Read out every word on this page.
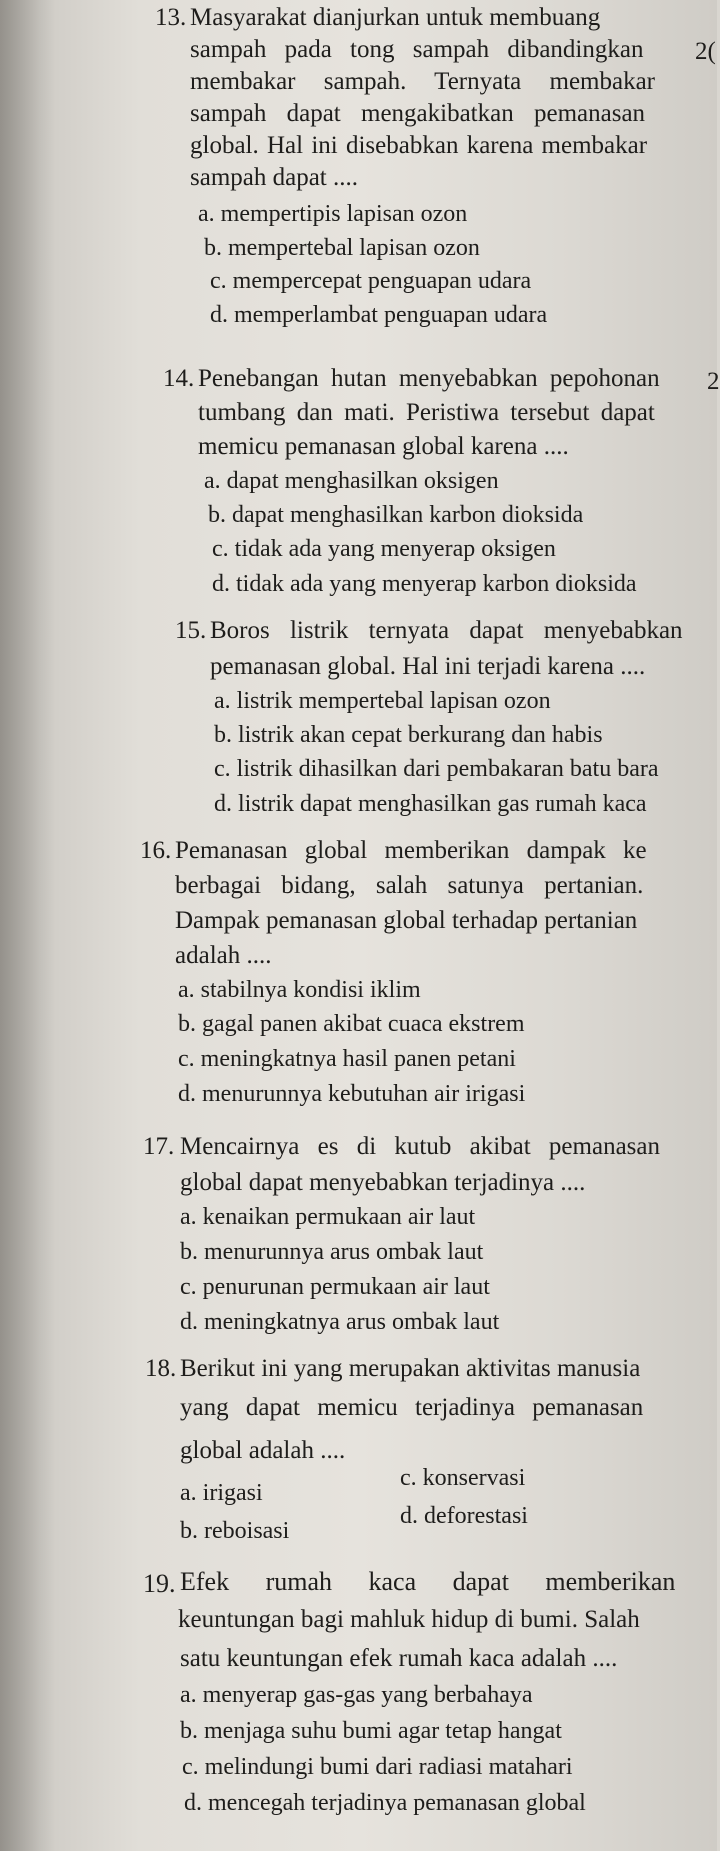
13. Masyarakat dianjurkan untuk membuang
sampah pada tong sampah dibandingkan
membakar sampah. Ternyata membakar
sampah dapat mengakibatkan pemanasan
global. Hal ini disebabkan karena membakar
sampah dapat ....
a. mempertipis lapisan ozon
b. mempertebal lapisan ozon
c. mempercepat penguapan udara
d. memperlambat penguapan udara
2(
14. Penebangan hutan menyebabkan pepohonan
tumbang dan mati. Peristiwa tersebut dapat
memicu pemanasan global karena ....
a. dapat menghasilkan oksigen
b. dapat menghasilkan karbon dioksida
c. tidak ada yang menyerap oksigen
d. tidak ada yang menyerap karbon dioksida
2
15. Boros listrik ternyata dapat menyebabkan
pemanasan global. Hal ini terjadi karena ....
a. listrik mempertebal lapisan ozon
b. listrik akan cepat berkurang dan habis
c. listrik dihasilkan dari pembakaran batu bara
d. listrik dapat menghasilkan gas rumah kaca
16. Pemanasan global memberikan dampak ke
berbagai bidang, salah satunya pertanian.
Dampak pemanasan global terhadap pertanian
adalah ....
a. stabilnya kondisi iklim
b. gagal panen akibat cuaca ekstrem
c. meningkatnya hasil panen petani
d. menurunnya kebutuhan air irigasi
17. Mencairnya es di kutub akibat pemanasan
global dapat menyebabkan terjadinya ....
a. kenaikan permukaan air laut
b. menurunnya arus ombak laut
c. penurunan permukaan air laut
d. meningkatnya arus ombak laut
18. Berikut ini yang merupakan aktivitas manusia
yang dapat memicu terjadinya pemanasan
global adalah ....
a. irigasi
c. konservasi
b. reboisasi
d. deforestasi
19. Efek rumah kaca dapat memberikan
keuntungan bagi mahluk hidup di bumi. Salah
satu keuntungan efek rumah kaca adalah ....
a. menyerap gas-gas yang berbahaya
b. menjaga suhu bumi agar tetap hangat
c. melindungi bumi dari radiasi matahari
d. mencegah terjadinya pemanasan global
